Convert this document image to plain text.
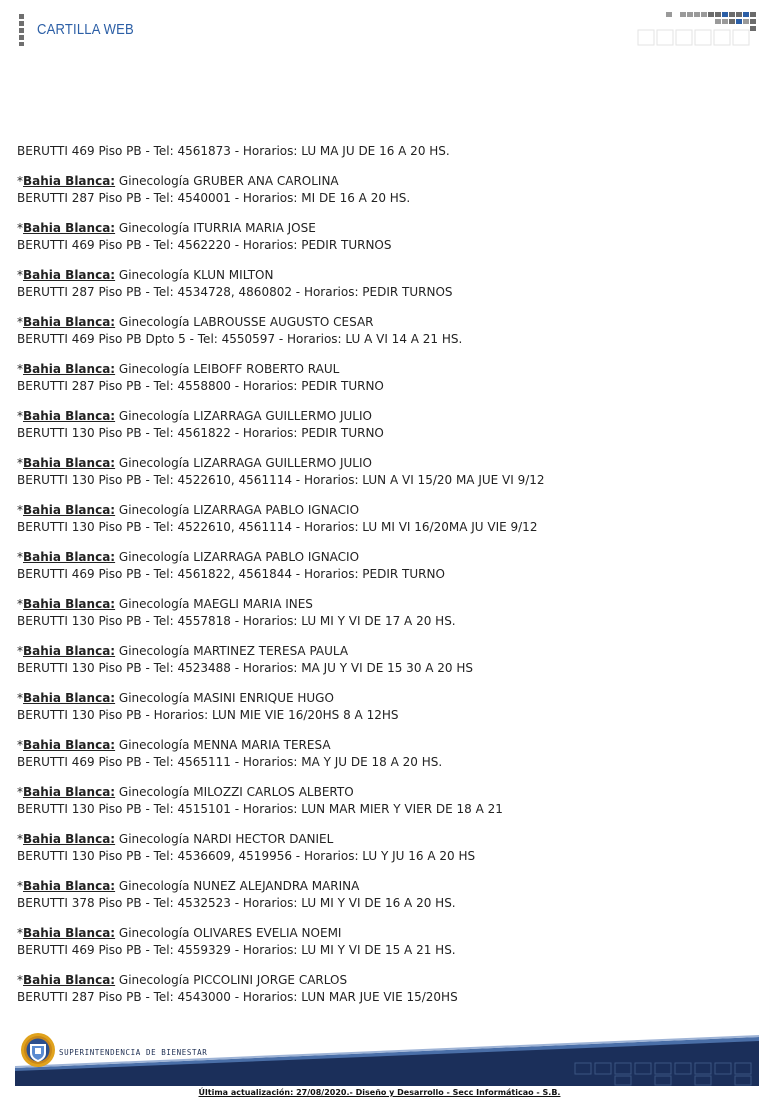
CARTILLA WEB
BERUTTI 469 Piso PB - Tel: 4561873 - Horarios: LU MA JU DE 16 A 20 HS.
*Bahia Blanca: Ginecología GRUBER ANA CAROLINA
BERUTTI 287 Piso PB - Tel: 4540001 - Horarios: MI DE 16 A 20 HS.
*Bahia Blanca: Ginecología ITURRIA MARIA JOSE
BERUTTI 469 Piso PB - Tel: 4562220 - Horarios: PEDIR TURNOS
*Bahia Blanca: Ginecología KLUN MILTON
BERUTTI 287 Piso PB - Tel: 4534728, 4860802 - Horarios: PEDIR TURNOS
*Bahia Blanca: Ginecología LABROUSSE AUGUSTO CESAR
BERUTTI 469 Piso PB Dpto 5 - Tel: 4550597 - Horarios: LU A VI 14 A 21 HS.
*Bahia Blanca: Ginecología LEIBOFF ROBERTO RAUL
BERUTTI 287 Piso PB - Tel: 4558800 - Horarios: PEDIR TURNO
*Bahia Blanca: Ginecología LIZARRAGA GUILLERMO JULIO
BERUTTI 130 Piso PB - Tel: 4561822 - Horarios: PEDIR TURNO
*Bahia Blanca: Ginecología LIZARRAGA GUILLERMO JULIO
BERUTTI 130 Piso PB - Tel: 4522610, 4561114 - Horarios: LUN A VI 15/20 MA JUE VI 9/12
*Bahia Blanca: Ginecología LIZARRAGA PABLO IGNACIO
BERUTTI 130 Piso PB - Tel: 4522610, 4561114 - Horarios: LU MI VI 16/20MA JU VIE 9/12
*Bahia Blanca: Ginecología LIZARRAGA PABLO IGNACIO
BERUTTI 469 Piso PB - Tel: 4561822, 4561844 - Horarios: PEDIR TURNO
*Bahia Blanca: Ginecología MAEGLI MARIA INES
BERUTTI 130 Piso PB - Tel: 4557818 - Horarios: LU MI Y VI DE 17 A 20 HS.
*Bahia Blanca: Ginecología MARTINEZ TERESA PAULA
BERUTTI 130 Piso PB - Tel: 4523488 - Horarios: MA JU Y VI DE 15 30 A 20 HS
*Bahia Blanca: Ginecología MASINI ENRIQUE HUGO
BERUTTI 130 Piso PB - Horarios: LUN MIE VIE 16/20HS 8 A 12HS
*Bahia Blanca: Ginecología MENNA MARIA TERESA
BERUTTI 469 Piso PB - Tel: 4565111 - Horarios: MA Y JU DE 18 A 20 HS.
*Bahia Blanca: Ginecología MILOZZI CARLOS ALBERTO
BERUTTI 130 Piso PB - Tel: 4515101 - Horarios: LUN MAR MIER Y VIER DE 18 A 21
*Bahia Blanca: Ginecología NARDI HECTOR DANIEL
BERUTTI 130 Piso PB - Tel: 4536609, 4519956 - Horarios: LU Y JU 16 A 20 HS
*Bahia Blanca: Ginecología NUNEZ ALEJANDRA MARINA
BERUTTI 378 Piso PB - Tel: 4532523 - Horarios: LU MI Y VI DE 16 A 20 HS.
*Bahia Blanca: Ginecología OLIVARES EVELIA NOEMI
BERUTTI 469 Piso PB - Tel: 4559329 - Horarios: LU MI Y VI DE 15 A 21 HS.
*Bahia Blanca: Ginecología PICCOLINI JORGE CARLOS
BERUTTI 287 Piso PB - Tel: 4543000 - Horarios: LUN MAR JUE VIE 15/20HS
SUPERINTENDENCIA DE BIENESTAR
Última actualización: 27/08/2020.- Diseño y Desarrollo - Secc Informáticao - S.B.
